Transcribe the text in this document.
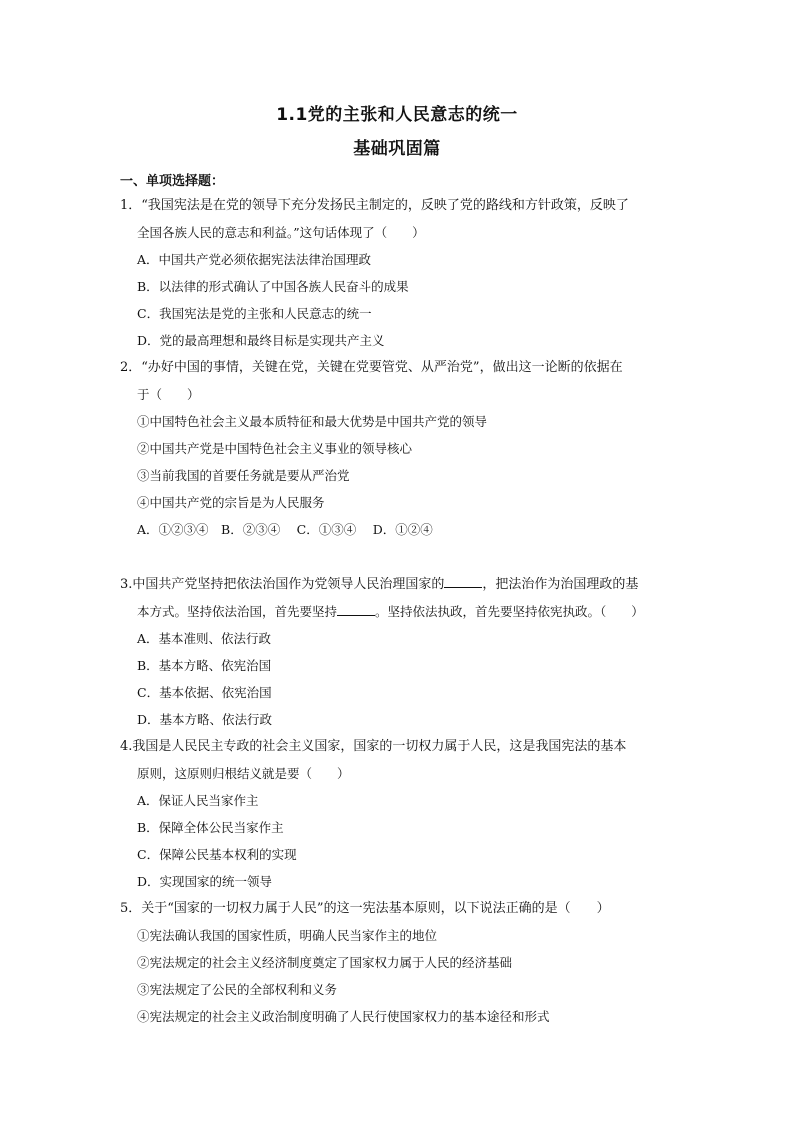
1.1党的主张和人民意志的统一
基础巩固篇
一、单项选择题：
1．“我国宪法是在党的领导下充分发扬民主制定的，反映了党的路线和方针政策，反映了
全国各族人民的意志和利益。”这句话体现了（　　）
A．中国共产党必须依据宪法法律治国理政
B．以法律的形式确认了中国各族人民奋斗的成果
C．我国宪法是党的主张和人民意志的统一
D．党的最高理想和最终目标是实现共产主义
2．“办好中国的事情，关键在党，关键在党要管党、从严治党”，做出这一论断的依据在
于（　　）
①中国特色社会主义最本质特征和最大优势是中国共产党的领导
②中国共产党是中国特色社会主义事业的领导核心
③当前我国的首要任务就是要从严治党
④中国共产党的宗旨是为人民服务
A．①②③④　B．②③④　 C．①③④　 D．①②④
3.中国共产党坚持把依法治国作为党领导人民治理国家的	，把法治作为治国理政的基
本方式。坚持依法治国，首先要坚持	。坚持依法执政，首先要坚持依宪执政。（　　）
A．基本准则、依法行政
B．基本方略、依宪治国
C．基本依据、依宪治国
D．基本方略、依法行政
4.我国是人民民主专政的社会主义国家，国家的一切权力属于人民，这是我国宪法的基本
原则，这原则归根结义就是要（　　）
A．保证人民当家作主
B．保障全体公民当家作主
C．保障公民基本权利的实现
D．实现国家的统一领导
5．关于“国家的一切权力属于人民”的这一宪法基本原则，以下说法正确的是（　　）
①宪法确认我国的国家性质，明确人民当家作主的地位
②宪法规定的社会主义经济制度奠定了国家权力属于人民的经济基础
③宪法规定了公民的全部权利和义务
④宪法规定的社会主义政治制度明确了人民行使国家权力的基本途径和形式
